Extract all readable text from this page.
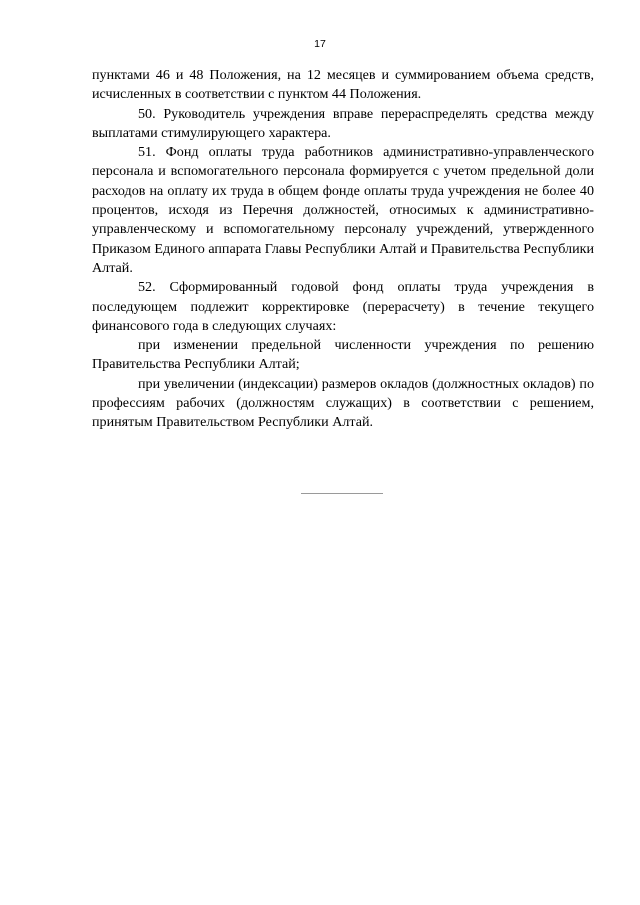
17

пунктами 46 и 48 Положения, на 12 месяцев и суммированием объема средств, исчисленных в соответствии с пунктом 44 Положения.

50. Руководитель учреждения вправе перераспределять средства между выплатами стимулирующего характера.

51. Фонд оплаты труда работников административно-управленческого персонала и вспомогательного персонала формируется с учетом предельной доли расходов на оплату их труда в общем фонде оплаты труда учреждения не более 40 процентов, исходя из Перечня должностей, относимых к административно-управленческому и вспомогательному персоналу учреждений, утвержденного Приказом Единого аппарата Главы Республики Алтай и Правительства Республики Алтай.

52. Сформированный годовой фонд оплаты труда учреждения в последующем подлежит корректировке (перерасчету) в течение текущего финансового года в следующих случаях:

при изменении предельной численности учреждения по решению Правительства Республики Алтай;

при увеличении (индексации) размеров окладов (должностных окладов) по профессиям рабочих (должностям служащих) в соответствии с решением, принятым Правительством Республики Алтай.
